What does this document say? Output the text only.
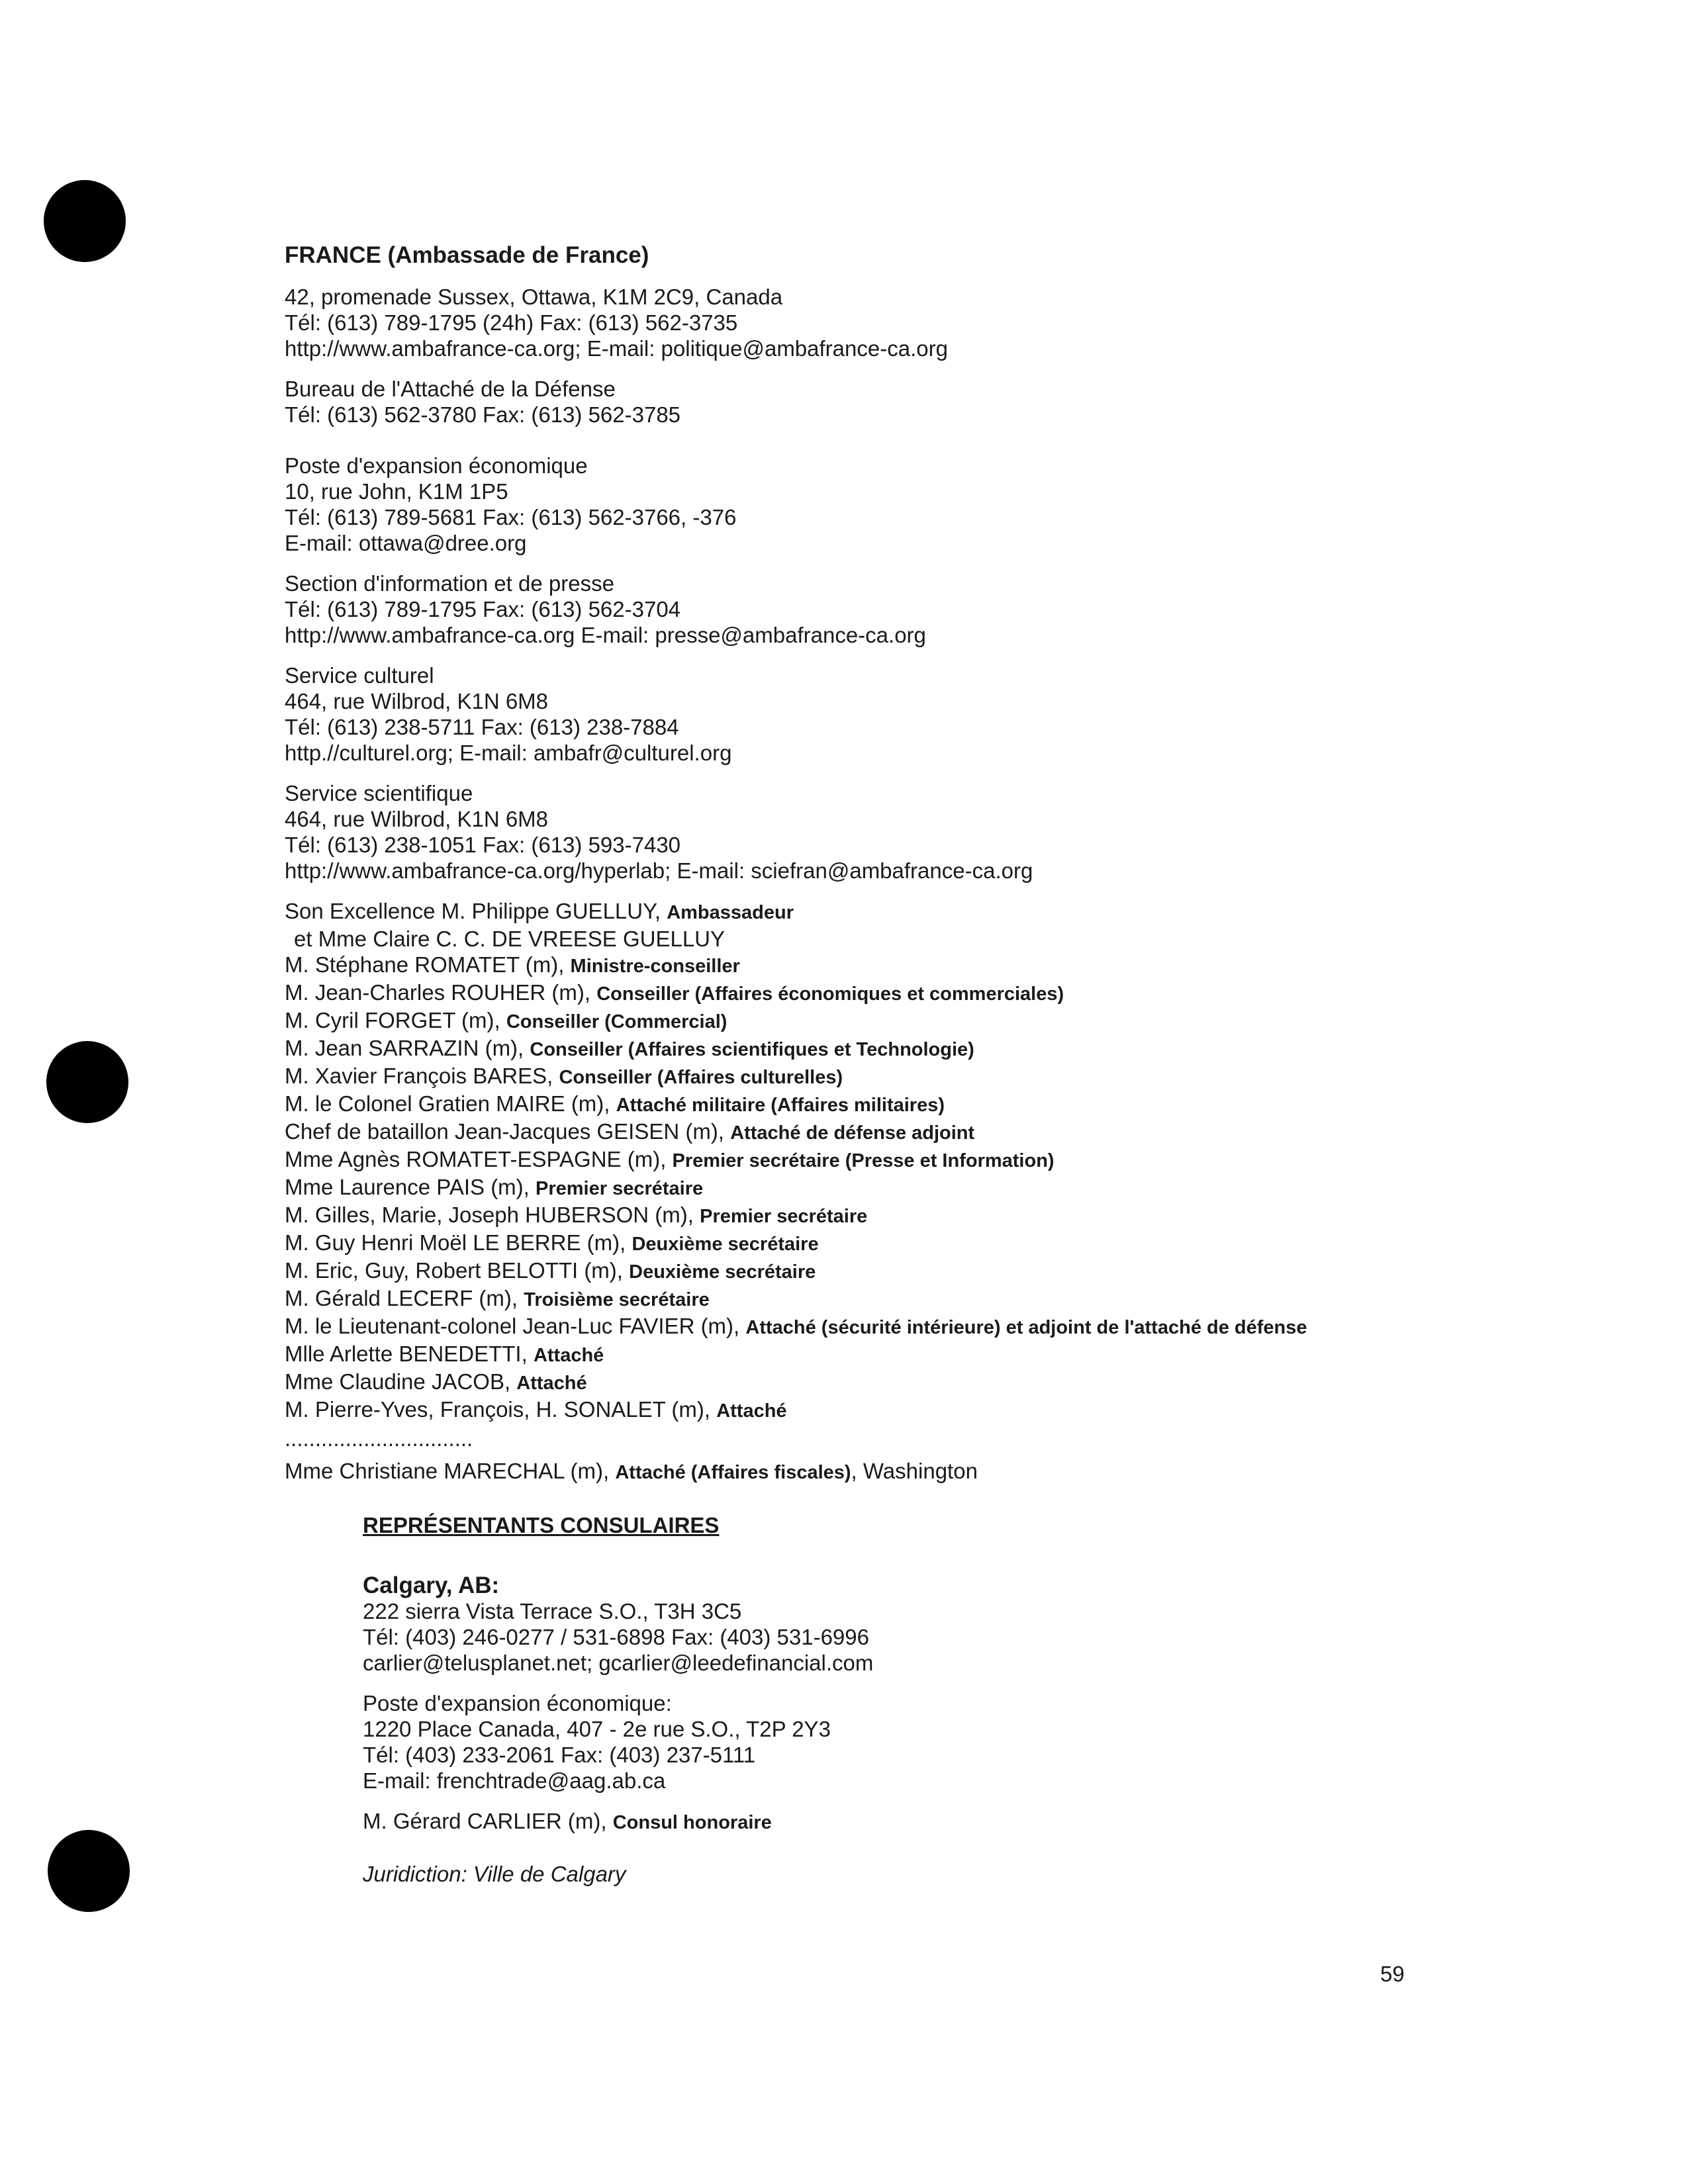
FRANCE (Ambassade de France)
42, promenade Sussex, Ottawa, K1M 2C9, Canada
Tél: (613) 789-1795 (24h) Fax: (613) 562-3735
http://www.ambafrance-ca.org; E-mail: politique@ambafrance-ca.org
Bureau de l'Attaché de la Défense
Tél: (613) 562-3780 Fax: (613) 562-3785
Poste d'expansion économique
10, rue John, K1M 1P5
Tél: (613) 789-5681 Fax: (613) 562-3766, -376
E-mail: ottawa@dree.org
Section d'information et de presse
Tél: (613) 789-1795 Fax: (613) 562-3704
http://www.ambafrance-ca.org E-mail: presse@ambafrance-ca.org
Service culturel
464, rue Wilbrod, K1N 6M8
Tél: (613) 238-5711 Fax: (613) 238-7884
http.//culturel.org; E-mail: ambafr@culturel.org
Service scientifique
464, rue Wilbrod, K1N 6M8
Tél: (613) 238-1051 Fax: (613) 593-7430
http://www.ambafrance-ca.org/hyperlab; E-mail: sciefran@ambafrance-ca.org
Son Excellence M. Philippe GUELLUY, Ambassadeur
et Mme Claire C. C. DE VREESE GUELLUY
M. Stéphane ROMATET (m), Ministre-conseiller
M. Jean-Charles ROUHER (m), Conseiller (Affaires économiques et commerciales)
M. Cyril FORGET (m), Conseiller (Commercial)
M. Jean SARRAZIN (m), Conseiller (Affaires scientifiques et Technologie)
M. Xavier François BARES, Conseiller (Affaires culturelles)
M. le Colonel Gratien MAIRE (m), Attaché militaire (Affaires militaires)
Chef de bataillon Jean-Jacques GEISEN (m), Attaché de défense adjoint
Mme Agnès ROMATET-ESPAGNE (m), Premier secrétaire (Presse et Information)
Mme Laurence PAIS (m), Premier secrétaire
M. Gilles, Marie, Joseph HUBERSON (m), Premier secrétaire
M. Guy Henri Moël LE BERRE (m), Deuxième secrétaire
M. Eric, Guy, Robert BELOTTI (m), Deuxième secrétaire
M. Gérald LECERF (m), Troisième secrétaire
M. le Lieutenant-colonel Jean-Luc FAVIER (m), Attaché (sécurité intérieure) et adjoint de l'attaché de défense
Mlle Arlette BENEDETTI, Attaché
Mme Claudine JACOB, Attaché
M. Pierre-Yves, François, H. SONALET (m), Attaché
...............................
Mme Christiane MARECHAL (m), Attaché (Affaires fiscales), Washington
REPRÉSENTANTS CONSULAIRES
Calgary, AB:
222 sierra Vista Terrace S.O., T3H 3C5
Tél: (403) 246-0277 / 531-6898 Fax: (403) 531-6996
carlier@telusplanet.net; gcarlier@leedefinancial.com
Poste d'expansion économique:
1220 Place Canada, 407 - 2e rue S.O., T2P 2Y3
Tél: (403) 233-2061 Fax: (403) 237-5111
E-mail: frenchtrade@aag.ab.ca
M. Gérard CARLIER (m), Consul honoraire
Juridiction: Ville de Calgary
59
